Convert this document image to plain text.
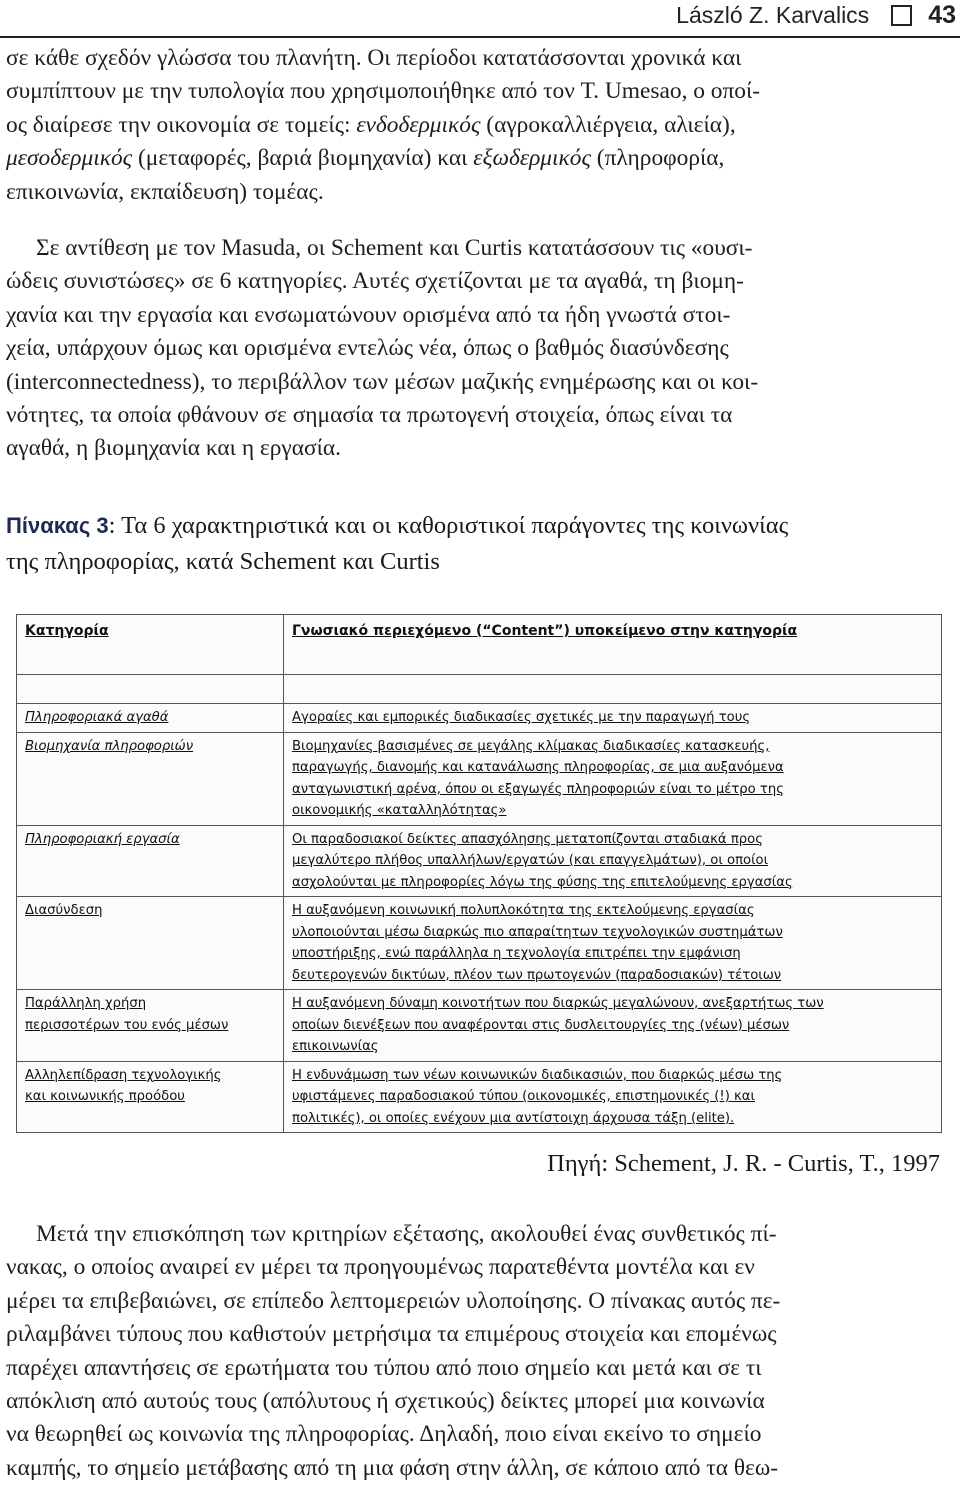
László Z. Karvalics 43

σε κάθε σχεδόν γλώσσα του πλανήτη. Οι περίοδοι κατατάσσονται χρονικά και

συμπίπτουν με την τυπολογία που χρησιμοποιήθηκε από τον T. Umesao, ο οποί-

ος διαίρεσε την οικονομία σε τομείς: ενδοδερμικός (αγροκαλλιέργεια, αλιεία),

μεσοδερμικός (μεταφορές, βαριά βιομηχανία) και εξωδερμικός (πληροφορία,

επικοινωνία, εκπαίδευση) τομέας.

Σε αντίθεση με τον Masuda, οι Schement και Curtis κατατάσσουν τις «ουσι-

ώδεις συνιστώσες» σε 6 κατηγορίες. Αυτές σχετίζονται με τα αγαθά, τη βιομη-

χανία και την εργασία και ενσωματώνουν ορισμένα από τα ήδη γνωστά στοι-

χεία, υπάρχουν όμως και ορισμένα εντελώς νέα, όπως ο βαθμός διασύνδεσης

(interconnectedness), το περιβάλλον των μέσων μαζικής ενημέρωσης και οι κοι-

νότητες, τα οποία φθάνουν σε σημασία τα πρωτογενή στοιχεία, όπως είναι τα

αγαθά, η βιομηχανία και η εργασία.

Πίνακας 3: Τα 6 χαρακτηριστικά και οι καθοριστικοί παράγοντες της κοινωνίας
της πληροφορίας, κατά Schement και Curtis
Κατηγορία	Γνωσιακό περιεχόμενο (“Content”) υποκείμενο στην κατηγορία

Πληροφοριακά αγαθά	Αγοραίες και εμπορικές διαδικασίες σχετικές με την παραγωγή τους

Βιομηχανία πληροφοριών	Βιομηχανίες βασισμένες σε μεγάλης κλίμακας διαδικασίες κατασκευής,
παραγωγής, διανομής και κατανάλωσης πληροφορίας, σε μια αυξανόμενα
ανταγωνιστική αρένα, όπου οι εξαγωγές πληροφοριών είναι το μέτρο της
οικονομικής «καταλληλότητας»

Πληροφοριακή εργασία	Οι παραδοσιακοί δείκτες απασχόλησης μετατοπίζονται σταδιακά προς
μεγαλύτερο πλήθος υπαλλήλων/εργατών (και επαγγελμάτων), οι οποίοι
ασχολούνται με πληροφορίες λόγω της φύσης της επιτελούμενης εργασίας

Διασύνδεση	Η αυξανόμενη κοινωνική πολυπλοκότητα της εκτελούμενης εργασίας
υλοποιούνται μέσω διαρκώς πιο απαραίτητων τεχνολογικών συστημάτων
υποστήριξης, ενώ παράλληλα η τεχνολογία επιτρέπει την εμφάνιση
δευτερογενών δικτύων, πλέον των πρωτογενών (παραδοσιακών) τέτοιων

Παράλληλη χρήση
περισσοτέρων του ενός μέσων	Η αυξανόμενη δύναμη κοινοτήτων που διαρκώς μεγαλώνουν, ανεξαρτήτως των
οποίων διενέξεων που αναφέρονται στις δυσλειτουργίες της (νέων) μέσων
επικοινωνίας

Αλληλεπίδραση τεχνολογικής
και κοινωνικής προόδου	Η ενδυνάμωση των νέων κοινωνικών διαδικασιών, που διαρκώς μέσω της
υφιστάμενες παραδοσιακού τύπου (οικονομικές, επιστημονικές (!) και
πολιτικές), οι οποίες ενέχουν μια αντίστοιχη άρχουσα τάξη (elite).
Πηγή: Schement, J. R. - Curtis, T., 1997

Μετά την επισκόπηση των κριτηρίων εξέτασης, ακολουθεί ένας συνθετικός πί-

νακας, ο οποίος αναιρεί εν μέρει τα προηγουμένως παρατεθέντα μοντέλα και εν

μέρει τα επιβεβαιώνει, σε επίπεδο λεπτομερειών υλοποίησης. Ο πίνακας αυτός πε-

ριλαμβάνει τύπους που καθιστούν μετρήσιμα τα επιμέρους στοιχεία και επομένως

παρέχει απαντήσεις σε ερωτήματα του τύπου από ποιο σημείο και μετά και σε τι

απόκλιση από αυτούς τους (απόλυτους ή σχετικούς) δείκτες μπορεί μια κοινωνία

να θεωρηθεί ως κοινωνία της πληροφορίας. Δηλαδή, ποιο είναι εκείνο το σημείο

καμπής, το σημείο μετάβασης από τη μια φάση στην άλλη, σε κάποιο από τα θεω-
